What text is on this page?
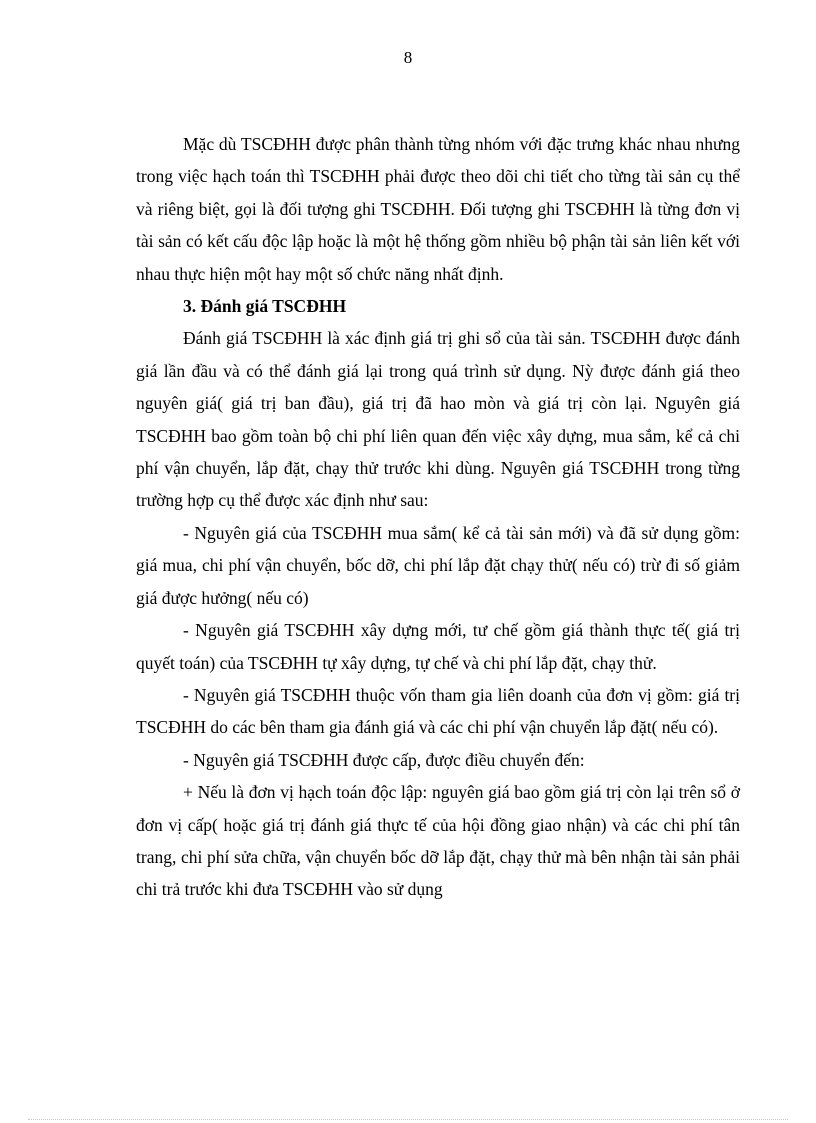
8

Mặc dù TSCĐHH được phân thành từng nhóm với đặc trưng khác nhau nhưng trong việc hạch toán thì TSCĐHH phải được theo dõi chi tiết cho từng tài sản cụ thể và riêng biệt, gọi là đối tượng ghi TSCĐHH. Đối tượng ghi TSCĐHH là từng đơn vị tài sản có kết cấu độc lập hoặc là một hệ thống gồm nhiều bộ phận tài sản liên kết với nhau thực hiện một hay một số chức năng nhất định.

3. Đánh giá TSCĐHH

Đánh giá TSCĐHH là xác định giá trị ghi sổ của tài sản. TSCĐHH được đánh giá lần đầu và có thể đánh giá lại trong quá trình sử dụng. Nỳ được đánh giá theo nguyên giá( giá trị ban đầu), giá trị đã hao mòn và giá trị còn lại. Nguyên giá TSCĐHH bao gồm toàn bộ chi phí liên quan đến việc xây dựng, mua sắm, kể cả chi phí vận chuyển, lắp đặt, chạy thử trước khi dùng. Nguyên giá TSCĐHH trong từng trường hợp cụ thể được xác định như sau:

- Nguyên giá của TSCĐHH mua sắm( kể cả tài sản mới) và đã sử dụng gồm: giá mua, chi phí vận chuyển, bốc dỡ, chi phí lắp đặt chạy thử( nếu có) trừ đi số giảm giá được hưởng( nếu có)

- Nguyên giá TSCĐHH xây dựng mới, tư chế gồm giá thành thực tế( giá trị quyết toán) của TSCĐHH tự xây dựng, tự chế và chi phí lắp đặt, chạy thử.

- Nguyên giá TSCĐHH thuộc vốn tham gia liên doanh của đơn vị gồm: giá trị TSCĐHH do các bên tham gia đánh giá và các chi phí vận chuyển lắp đặt( nếu có).

- Nguyên giá TSCĐHH được cấp, được điều chuyển đến:

+ Nếu là đơn vị hạch toán độc lập: nguyên giá bao gồm giá trị còn lại trên sổ ở đơn vị cấp( hoặc giá trị đánh giá thực tế của hội đồng giao nhận) và các chi phí tân trang, chi phí sửa chữa, vận chuyển bốc dỡ lắp đặt, chạy thử mà bên nhận tài sản phải chi trả trước khi đưa TSCĐHH vào sử dụng
